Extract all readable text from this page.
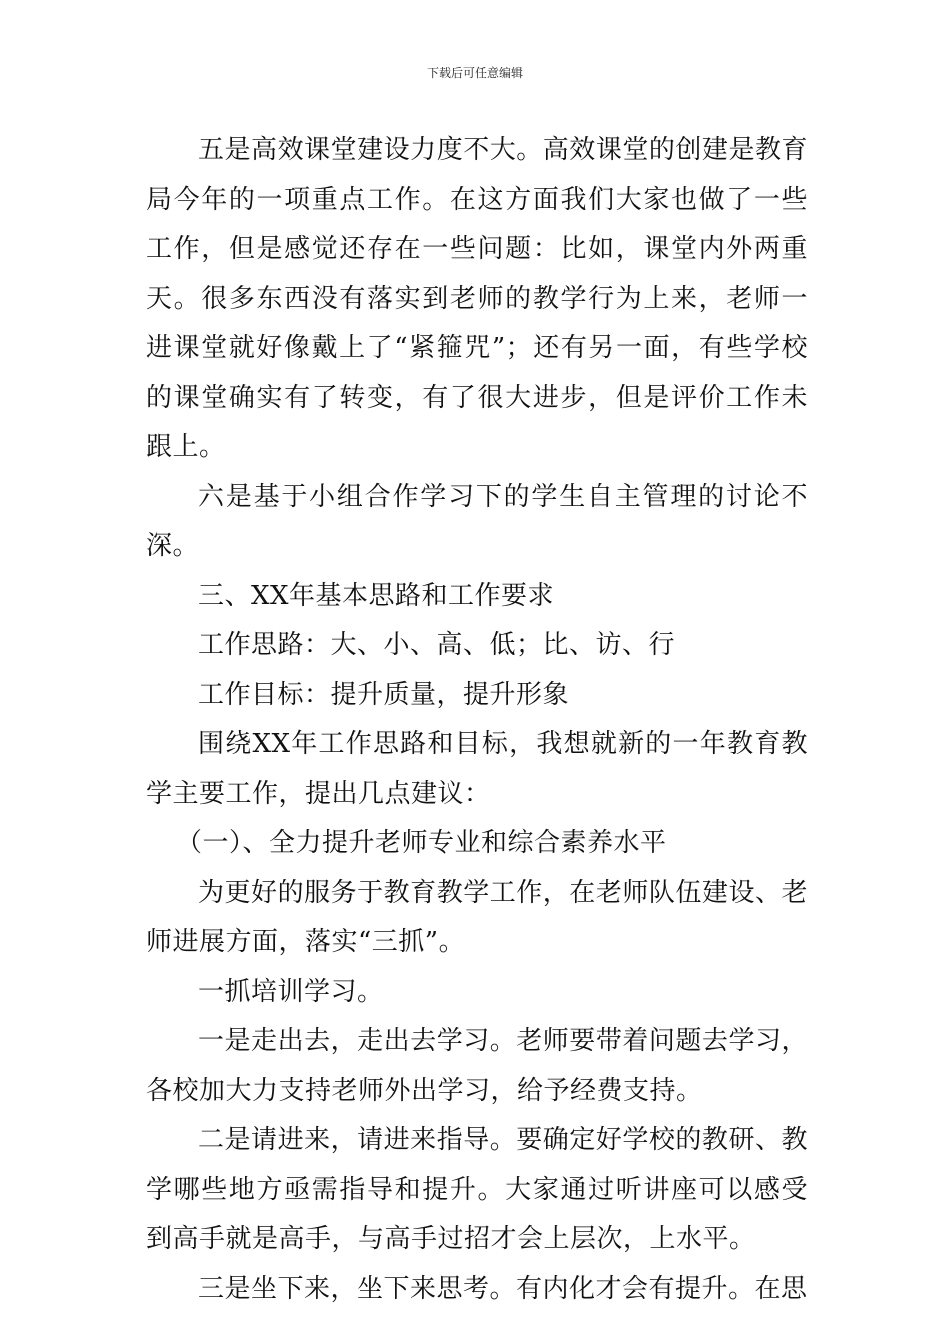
下载后可任意编辑

五是高效课堂建设力度不大。高效课堂的创建是教育局今年的一项重点工作。在这方面我们大家也做了一些工作，但是感觉还存在一些问题：比如，课堂内外两重天。很多东西没有落实到老师的教学行为上来，老师一进课堂就好像戴上了“紧箍咒”；还有另一面，有些学校的课堂确实有了转变，有了很大进步，但是评价工作未跟上。

六是基于小组合作学习下的学生自主管理的讨论不深。

三、XX年基本思路和工作要求

工作思路：大、小、高、低；比、访、行

工作目标：提升质量，提升形象

围绕XX年工作思路和目标，我想就新的一年教育教学主要工作，提出几点建议：

（一）、全力提升老师专业和综合素养水平

为更好的服务于教育教学工作，在老师队伍建设、老师进展方面，落实“三抓”。

一抓培训学习。

一是走出去，走出去学习。老师要带着问题去学习，各校加大力支持老师外出学习，给予经费支持。

二是请进来，请进来指导。要确定好学校的教研、教学哪些地方亟需指导和提升。大家通过听讲座可以感受到高手就是高手，与高手过招才会上层次，上水平。

三是坐下来，坐下来思考。有内化才会有提升。在思
